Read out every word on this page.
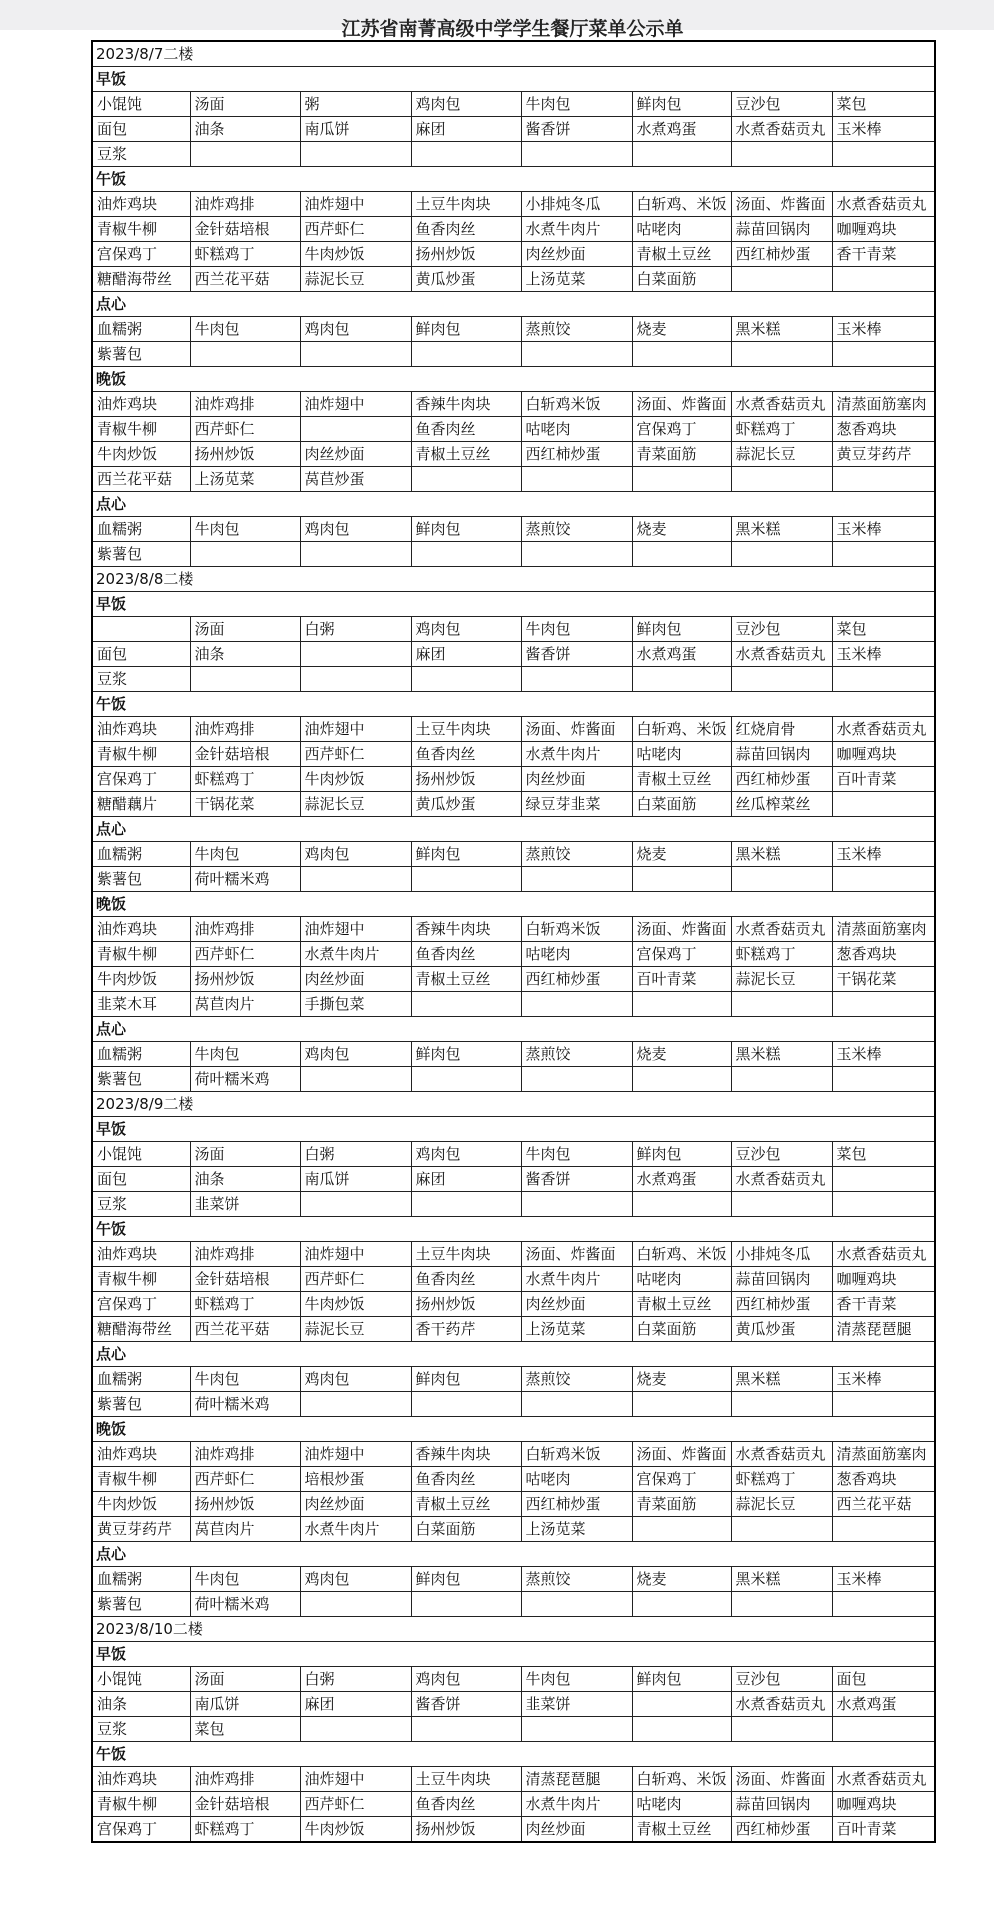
江苏省南菁高级中学学生餐厅菜单公示单
2023/8/7二楼							
早饭							
小馄饨	汤面	粥	鸡肉包	牛肉包	鲜肉包	豆沙包	菜包
面包	油条	南瓜饼	麻团	酱香饼	水煮鸡蛋	水煮香菇贡丸	玉米棒
豆浆							
午饭							
油炸鸡块	油炸鸡排	油炸翅中	土豆牛肉块	小排炖冬瓜	白斩鸡、米饭	汤面、炸酱面	水煮香菇贡丸
青椒牛柳	金针菇培根	西芹虾仁	鱼香肉丝	水煮牛肉片	咕咾肉	蒜苗回锅肉	咖喱鸡块
宫保鸡丁	虾糕鸡丁	牛肉炒饭	扬州炒饭	肉丝炒面	青椒土豆丝	西红柿炒蛋	香干青菜
糖醋海带丝	西兰花平菇	蒜泥长豆	黄瓜炒蛋	上汤苋菜	白菜面筋		
点心							
血糯粥	牛肉包	鸡肉包	鲜肉包	蒸煎饺	烧麦	黑米糕	玉米棒
紫薯包							
晚饭							
油炸鸡块	油炸鸡排	油炸翅中	香辣牛肉块	白斩鸡米饭	汤面、炸酱面	水煮香菇贡丸	清蒸面筋塞肉
青椒牛柳	西芹虾仁		鱼香肉丝	咕咾肉	宫保鸡丁	虾糕鸡丁	葱香鸡块
牛肉炒饭	扬州炒饭	肉丝炒面	青椒土豆丝	西红柿炒蛋	青菜面筋	蒜泥长豆	黄豆芽药芹
西兰花平菇	上汤苋菜	莴苣炒蛋					
点心							
血糯粥	牛肉包	鸡肉包	鲜肉包	蒸煎饺	烧麦	黑米糕	玉米棒
紫薯包							
2023/8/8二楼							
早饭							
	汤面	白粥	鸡肉包	牛肉包	鲜肉包	豆沙包	菜包
面包	油条		麻团	酱香饼	水煮鸡蛋	水煮香菇贡丸	玉米棒
豆浆							
午饭							
油炸鸡块	油炸鸡排	油炸翅中	土豆牛肉块	汤面、炸酱面	白斩鸡、米饭	红烧肩骨	水煮香菇贡丸
青椒牛柳	金针菇培根	西芹虾仁	鱼香肉丝	水煮牛肉片	咕咾肉	蒜苗回锅肉	咖喱鸡块
宫保鸡丁	虾糕鸡丁	牛肉炒饭	扬州炒饭	肉丝炒面	青椒土豆丝	西红柿炒蛋	百叶青菜
糖醋藕片	干锅花菜	蒜泥长豆	黄瓜炒蛋	绿豆芽韭菜	白菜面筋	丝瓜榨菜丝	
点心							
血糯粥	牛肉包	鸡肉包	鲜肉包	蒸煎饺	烧麦	黑米糕	玉米棒
紫薯包	荷叶糯米鸡						
晚饭							
油炸鸡块	油炸鸡排	油炸翅中	香辣牛肉块	白斩鸡米饭	汤面、炸酱面	水煮香菇贡丸	清蒸面筋塞肉
青椒牛柳	西芹虾仁	水煮牛肉片	鱼香肉丝	咕咾肉	宫保鸡丁	虾糕鸡丁	葱香鸡块
牛肉炒饭	扬州炒饭	肉丝炒面	青椒土豆丝	西红柿炒蛋	百叶青菜	蒜泥长豆	干锅花菜
韭菜木耳	莴苣肉片	手撕包菜					
点心							
血糯粥	牛肉包	鸡肉包	鲜肉包	蒸煎饺	烧麦	黑米糕	玉米棒
紫薯包	荷叶糯米鸡						
2023/8/9二楼							
早饭							
小馄饨	汤面	白粥	鸡肉包	牛肉包	鲜肉包	豆沙包	菜包
面包	油条	南瓜饼	麻团	酱香饼	水煮鸡蛋	水煮香菇贡丸	
豆浆	韭菜饼						
午饭							
油炸鸡块	油炸鸡排	油炸翅中	土豆牛肉块	汤面、炸酱面	白斩鸡、米饭	小排炖冬瓜	水煮香菇贡丸
青椒牛柳	金针菇培根	西芹虾仁	鱼香肉丝	水煮牛肉片	咕咾肉	蒜苗回锅肉	咖喱鸡块
宫保鸡丁	虾糕鸡丁	牛肉炒饭	扬州炒饭	肉丝炒面	青椒土豆丝	西红柿炒蛋	香干青菜
糖醋海带丝	西兰花平菇	蒜泥长豆	香干药芹	上汤苋菜	白菜面筋	黄瓜炒蛋	清蒸琵琶腿
点心							
血糯粥	牛肉包	鸡肉包	鲜肉包	蒸煎饺	烧麦	黑米糕	玉米棒
紫薯包	荷叶糯米鸡						
晚饭							
油炸鸡块	油炸鸡排	油炸翅中	香辣牛肉块	白斩鸡米饭	汤面、炸酱面	水煮香菇贡丸	清蒸面筋塞肉
青椒牛柳	西芹虾仁	培根炒蛋	鱼香肉丝	咕咾肉	宫保鸡丁	虾糕鸡丁	葱香鸡块
牛肉炒饭	扬州炒饭	肉丝炒面	青椒土豆丝	西红柿炒蛋	青菜面筋	蒜泥长豆	西兰花平菇
黄豆芽药芹	莴苣肉片	水煮牛肉片	白菜面筋	上汤苋菜			
点心							
血糯粥	牛肉包	鸡肉包	鲜肉包	蒸煎饺	烧麦	黑米糕	玉米棒
紫薯包	荷叶糯米鸡						
2023/8/10二楼							
早饭							
小馄饨	汤面	白粥	鸡肉包	牛肉包	鲜肉包	豆沙包	面包
油条	南瓜饼	麻团	酱香饼	韭菜饼		水煮香菇贡丸	水煮鸡蛋
豆浆	菜包						
午饭							
油炸鸡块	油炸鸡排	油炸翅中	土豆牛肉块	清蒸琵琶腿	白斩鸡、米饭	汤面、炸酱面	水煮香菇贡丸
青椒牛柳	金针菇培根	西芹虾仁	鱼香肉丝	水煮牛肉片	咕咾肉	蒜苗回锅肉	咖喱鸡块
宫保鸡丁	虾糕鸡丁	牛肉炒饭	扬州炒饭	肉丝炒面	青椒土豆丝	西红柿炒蛋	百叶青菜
